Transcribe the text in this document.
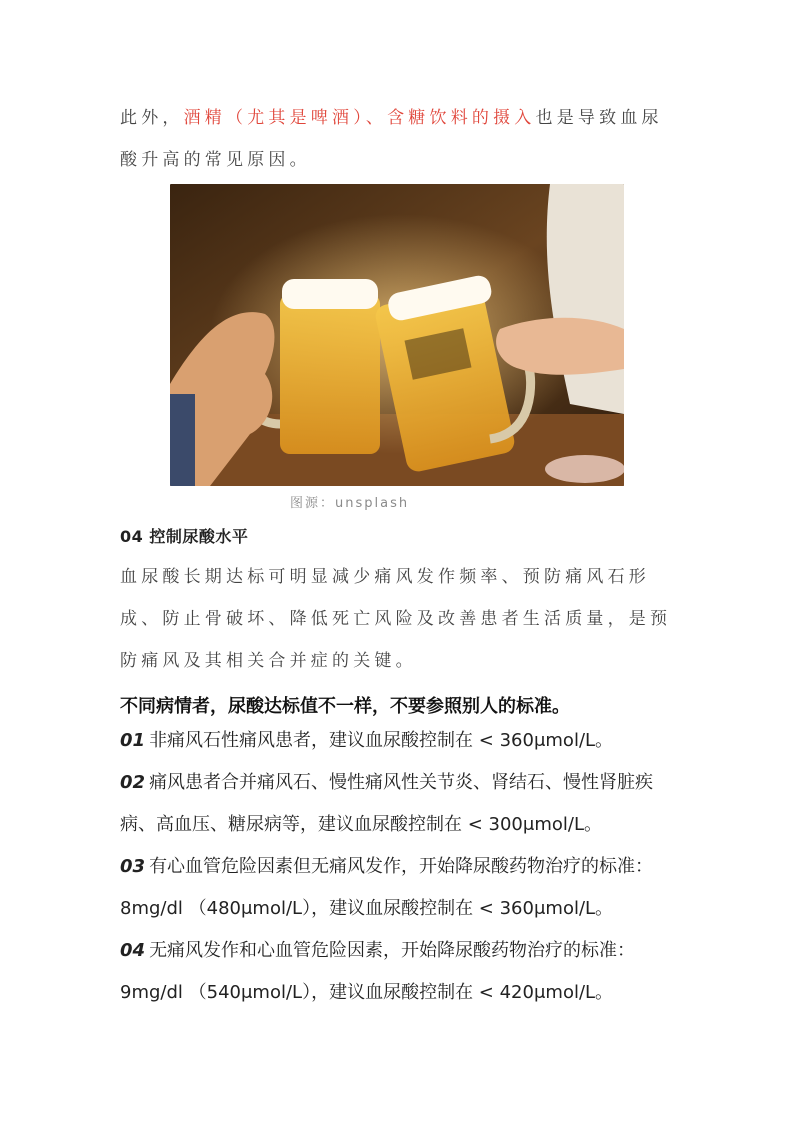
此外，酒精（尤其是啤酒）、含糖饮料的摄入也是导致血尿酸升高的常见原因。
图源：unsplash
04 控制尿酸水平
血尿酸长期达标可明显减少痛风发作频率、预防痛风石形成、防止骨破坏、降低死亡风险及改善患者生活质量，是预防痛风及其相关合并症的关键。
不同病情者，尿酸达标值不一样，不要参照别人的标准。
01 非痛风石性痛风患者，建议血尿酸控制在 < 360μmol/L。
02 痛风患者合并痛风石、慢性痛风性关节炎、肾结石、慢性肾脏疾病、高血压、糖尿病等，建议血尿酸控制在 < 300μmol/L。
03 有心血管危险因素但无痛风发作，开始降尿酸药物治疗的标准：8mg/dl （480μmol/L），建议血尿酸控制在 < 360μmol/L。
04 无痛风发作和心血管危险因素，开始降尿酸药物治疗的标准：9mg/dl （540μmol/L），建议血尿酸控制在 < 420μmol/L。
